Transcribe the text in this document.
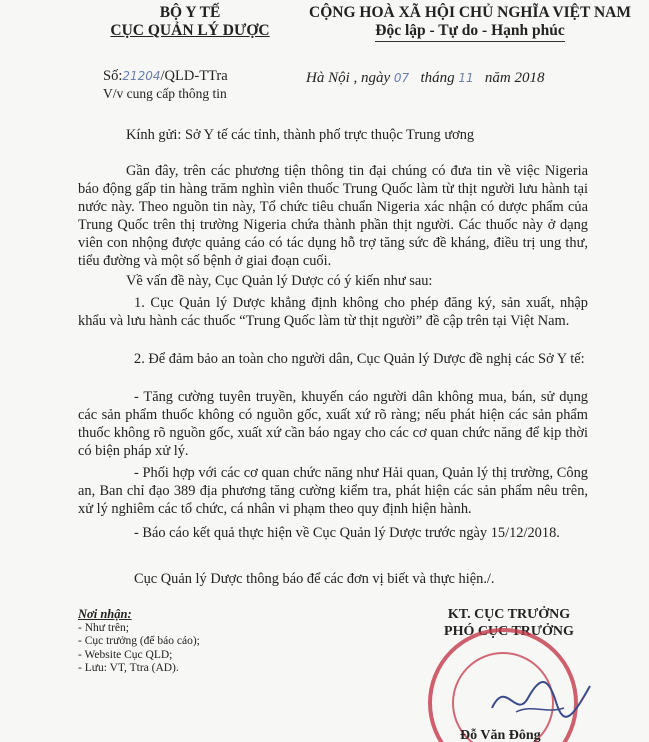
BỘ Y TẾ
CỤC QUẢN LÝ DƯỢC
CỘNG HOÀ XÃ HỘI CHỦ NGHĨA VIỆT NAM
Độc lập - Tự do - Hạnh phúc
Số:21204/QLD-TTra
V/v cung cấp thông tin
Hà Nội , ngày 07 tháng 11 năm 2018
Kính gửi: Sở Y tế các tỉnh, thành phố trực thuộc Trung ương
Gần đây, trên các phương tiện thông tin đại chúng có đưa tin về việc Nigeria báo động gấp tin hàng trăm nghìn viên thuốc Trung Quốc làm từ thịt người lưu hành tại nước này. Theo nguồn tin này, Tổ chức tiêu chuẩn Nigeria xác nhận có dược phẩm của Trung Quốc trên thị trường Nigeria chứa thành phần thịt người. Các thuốc này ở dạng viên con nhộng được quảng cáo có tác dụng hỗ trợ tăng sức đề kháng, điều trị ung thư, tiểu đường và một số bệnh ở giai đoạn cuối.
Về vấn đề này, Cục Quản lý Dược có ý kiến như sau:
1. Cục Quản lý Dược khẳng định không cho phép đăng ký, sản xuất, nhập khẩu và lưu hành các thuốc “Trung Quốc làm từ thịt người” đề cập trên tại Việt Nam.
2. Để đảm bảo an toàn cho người dân, Cục Quản lý Dược đề nghị các Sở Y tế:
- Tăng cường tuyên truyền, khuyến cáo người dân không mua, bán, sử dụng các sản phẩm thuốc không có nguồn gốc, xuất xứ rõ ràng; nếu phát hiện các sản phẩm thuốc không rõ nguồn gốc, xuất xứ cần báo ngay cho các cơ quan chức năng để kịp thời có biện pháp xử lý.
- Phối hợp với các cơ quan chức năng như Hải quan, Quản lý thị trường, Công an, Ban chỉ đạo 389 địa phương tăng cường kiểm tra, phát hiện các sản phẩm nêu trên, xử lý nghiêm các tổ chức, cá nhân vi phạm theo quy định hiện hành.
- Báo cáo kết quả thực hiện về Cục Quản lý Dược trước ngày 15/12/2018.
Cục Quản lý Dược thông báo để các đơn vị biết và thực hiện./.
Nơi nhận:
- Như trên;
- Cục trưởng (để báo cáo);
- Website Cục QLD;
- Lưu: VT, Ttra (AD).
KT. CỤC TRƯỞNG
PHÓ CỤC TRƯỞNG
Đỗ Văn Đông
